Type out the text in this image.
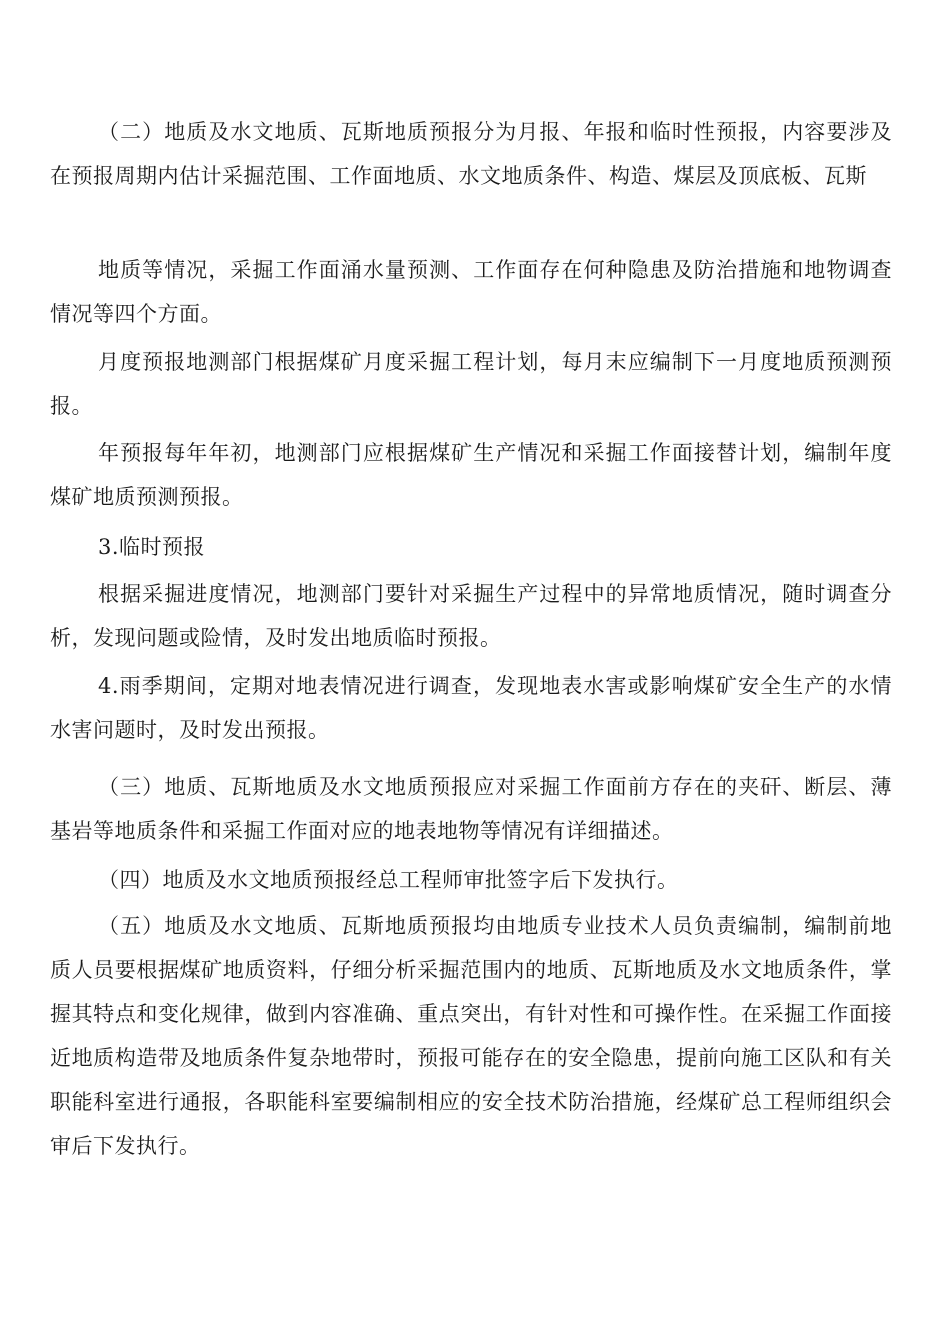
（二）地质及水文地质、瓦斯地质预报分为月报、年报和临时性预报，内容要涉及在预报周期内估计采掘范围、工作面地质、水文地质条件、构造、煤层及顶底板、瓦斯

地质等情况，采掘工作面涌水量预测、工作面存在何种隐患及防治措施和地物调查情况等四个方面。

月度预报地测部门根据煤矿月度采掘工程计划，每月末应编制下一月度地质预测预报。

年预报每年年初，地测部门应根据煤矿生产情况和采掘工作面接替计划，编制年度煤矿地质预测预报。

3.临时预报

根据采掘进度情况，地测部门要针对采掘生产过程中的异常地质情况，随时调查分析，发现问题或险情，及时发出地质临时预报。

4.雨季期间，定期对地表情况进行调查，发现地表水害或影响煤矿安全生产的水情水害问题时，及时发出预报。

（三）地质、瓦斯地质及水文地质预报应对采掘工作面前方存在的夹矸、断层、薄基岩等地质条件和采掘工作面对应的地表地物等情况有详细描述。

（四）地质及水文地质预报经总工程师审批签字后下发执行。

（五）地质及水文地质、瓦斯地质预报均由地质专业技术人员负责编制，编制前地质人员要根据煤矿地质资料，仔细分析采掘范围内的地质、瓦斯地质及水文地质条件，掌握其特点和变化规律，做到内容准确、重点突出，有针对性和可操作性。在采掘工作面接近地质构造带及地质条件复杂地带时，预报可能存在的安全隐患，提前向施工区队和有关职能科室进行通报，各职能科室要编制相应的安全技术防治措施，经煤矿总工程师组织会审后下发执行。
